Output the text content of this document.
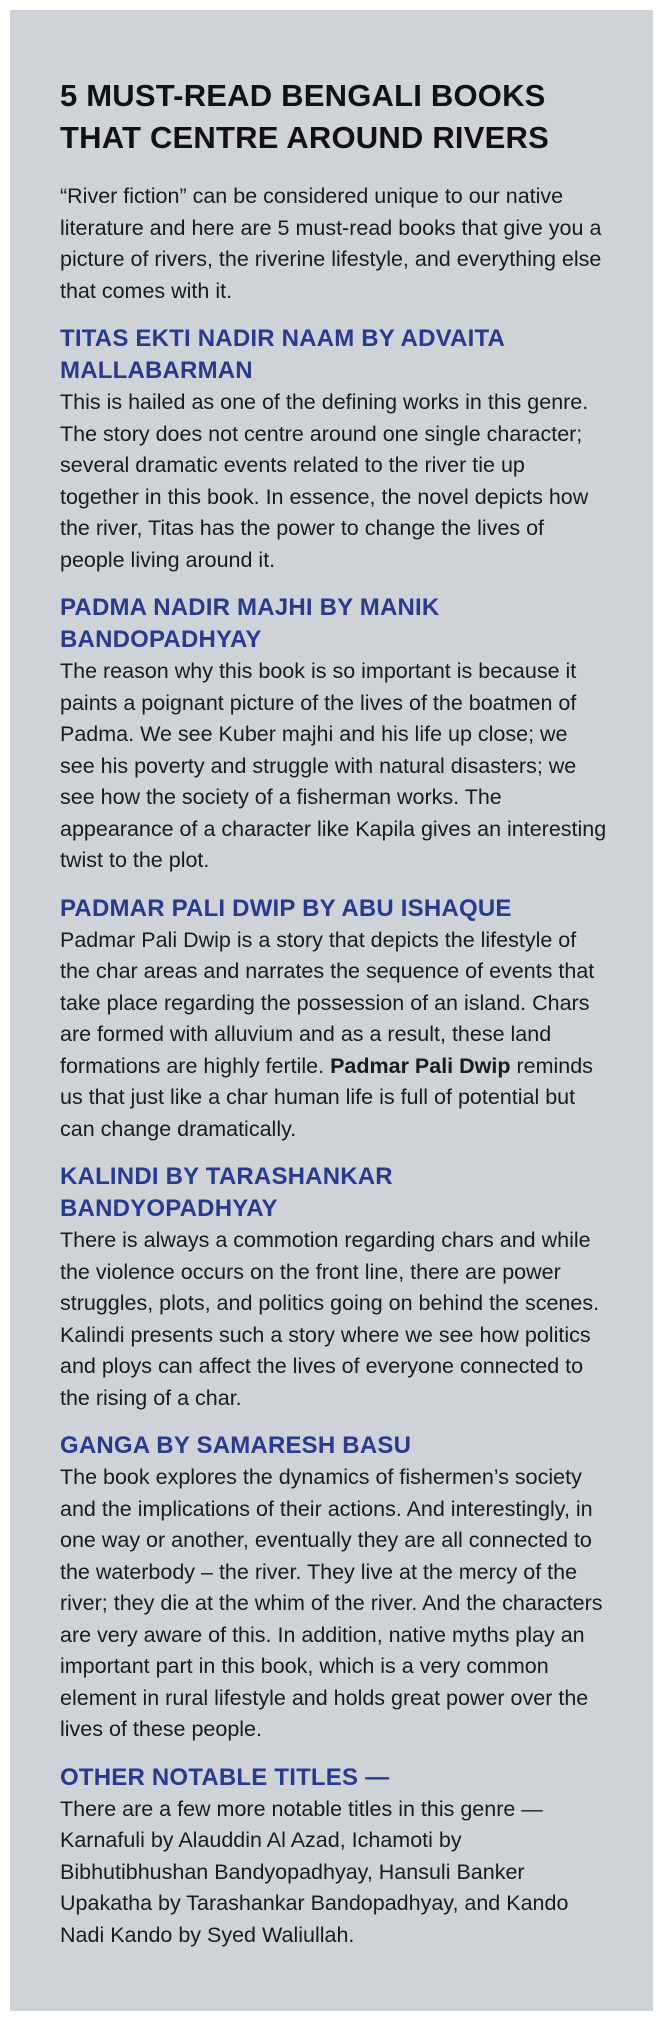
5 MUST-READ BENGALI BOOKS THAT CENTRE AROUND RIVERS

“River fiction” can be considered unique to our native literature and here are 5 must-read books that give you a picture of rivers, the riverine lifestyle, and everything else that comes with it.

TITAS EKTI NADIR NAAM BY ADVAITA MALLABARMAN

This is hailed as one of the defining works in this genre. The story does not centre around one single character; several dramatic events related to the river tie up together in this book. In essence, the novel depicts how the river, Titas has the power to change the lives of people living around it.

PADMA NADIR MAJHI BY MANIK BANDOPADHYAY

The reason why this book is so important is because it paints a poignant picture of the lives of the boatmen of Padma. We see Kuber majhi and his life up close; we see his poverty and struggle with natural disasters; we see how the society of a fisherman works. The appearance of a character like Kapila gives an interesting twist to the plot.

PADMAR PALI DWIP BY ABU ISHAQUE

Padmar Pali Dwip is a story that depicts the lifestyle of the char areas and narrates the sequence of events that take place regarding the possession of an island. Chars are formed with alluvium and as a result, these land formations are highly fertile. Padmar Pali Dwip reminds us that just like a char human life is full of potential but can change dramatically.

KALINDI BY TARASHANKAR BANDYOPADHYAY

There is always a commotion regarding chars and while the violence occurs on the front line, there are power struggles, plots, and politics going on behind the scenes. Kalindi presents such a story where we see how politics and ploys can affect the lives of everyone connected to the rising of a char.

GANGA BY SAMARESH BASU

The book explores the dynamics of fishermen’s society and the implications of their actions. And interestingly, in one way or another, eventually they are all connected to the waterbody – the river. They live at the mercy of the river; they die at the whim of the river. And the characters are very aware of this. In addition, native myths play an important part in this book, which is a very common element in rural lifestyle and holds great power over the lives of these people.

OTHER NOTABLE TITLES —

There are a few more notable titles in this genre — Karnafuli by Alauddin Al Azad, Ichamoti by Bibhutibhushan Bandyopadhyay, Hansuli Banker Upakatha by Tarashankar Bandopadhyay, and Kando Nadi Kando by Syed Waliullah.
